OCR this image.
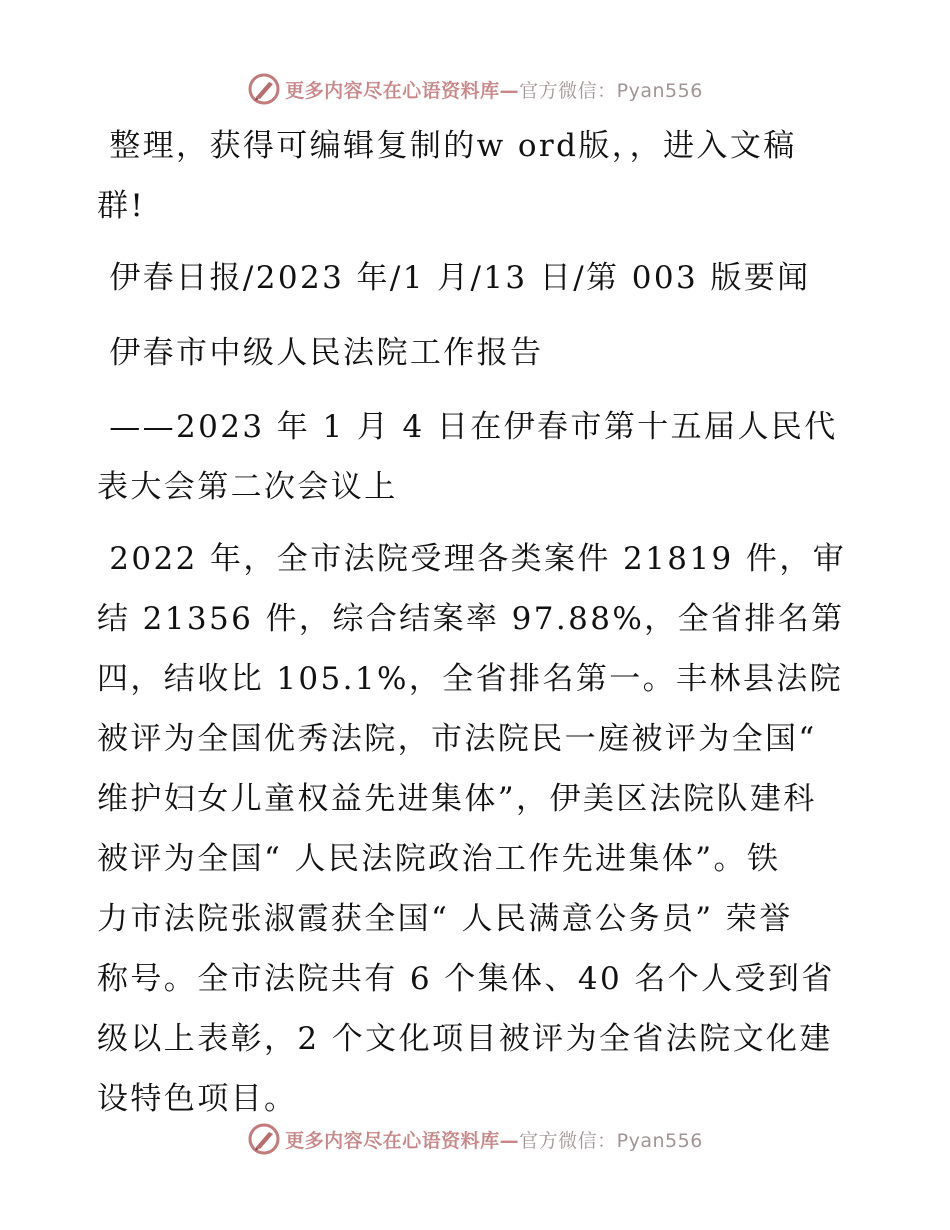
更多内容尽在心语资料库—官方微信：Pyan556
整理，获得可编辑复制的w ord版，，进入文稿
群!
伊春日报/2023 年/1 月/13 日/第 003 版要闻
伊春市中级人民法院工作报告
——2023 年 1 月 4 日在伊春市第十五届人民代
表大会第二次会议上
2022 年，全市法院受理各类案件 21819 件，审
结 21356 件，综合结案率 97.88%，全省排名第
四，结收比 105.1%，全省排名第一。丰林县法院
被评为全国优秀法院，市法院民一庭被评为全国“
维护妇女儿童权益先进集体”，伊美区法院队建科
被评为全国“ 人民法院政治工作先进集体”。铁
力市法院张淑霞获全国“ 人民满意公务员” 荣誉
称号。全市法院共有 6 个集体、40 名个人受到省
级以上表彰，2 个文化项目被评为全省法院文化建
设特色项目。
更多内容尽在心语资料库—官方微信：Pyan556
